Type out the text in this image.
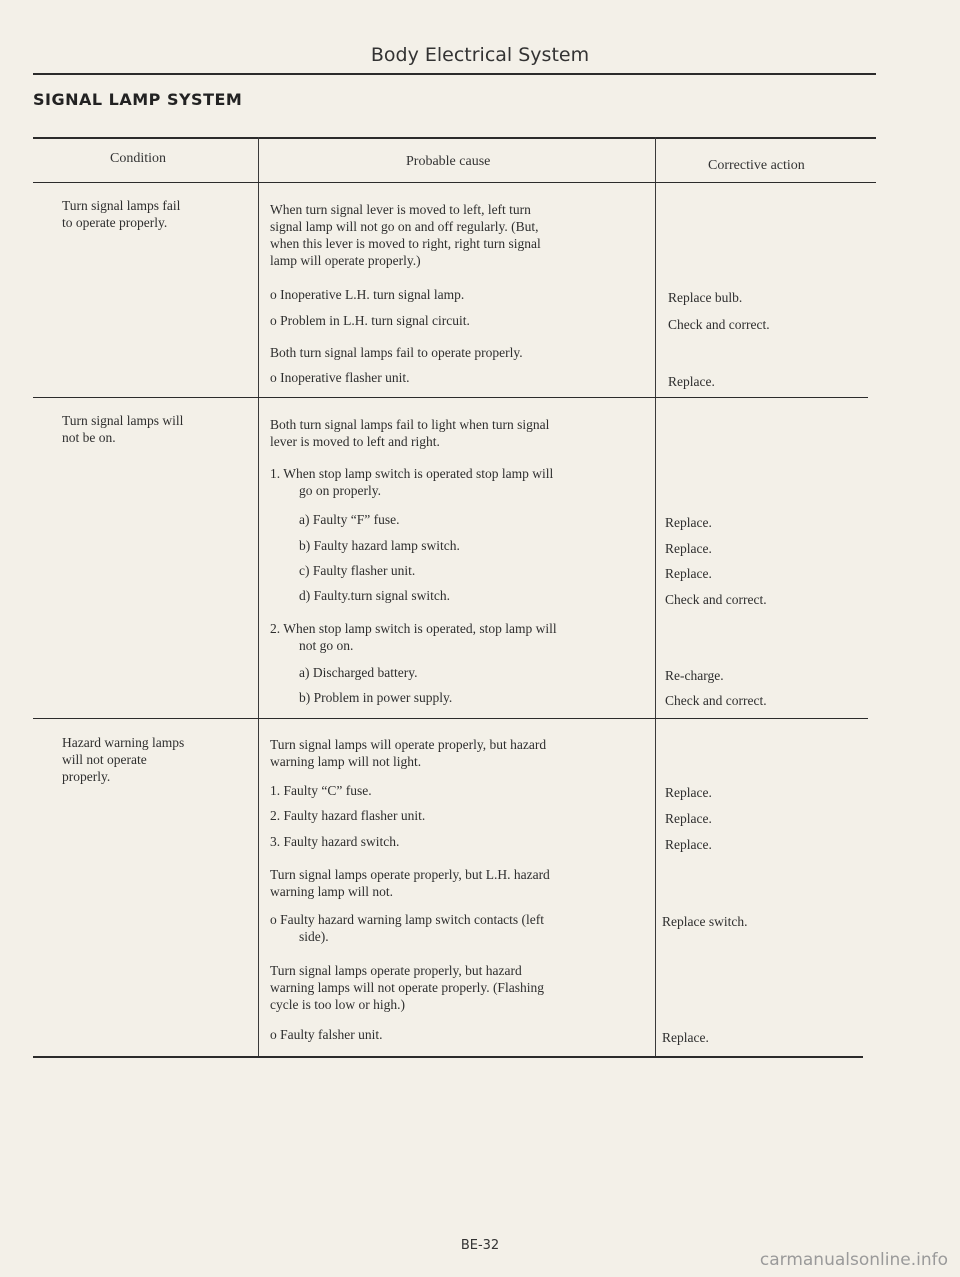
Body Electrical System
SIGNAL LAMP SYSTEM
Condition	Probable cause	Corrective action

Turn signal lamps fail

to operate properly.

When turn signal lever is moved to left, left turn

signal lamp will not go on and off regularly. (But,

when this lever is moved to right, right turn signal

lamp will operate properly.)

o Inoperative L.H. turn signal lamp.
o Problem in L.H. turn signal circuit.
Both turn signal lamps fail to operate properly.
o Inoperative flasher unit.
Replace bulb.
Check and correct.
Replace.

Turn signal lamps will

not be on.

Both turn signal lamps fail to light when turn signal

lever is moved to left and right.

1. When stop lamp switch is operated stop lamp will

go on properly.

a) Faulty “F” fuse.
b) Faulty hazard lamp switch.
c) Faulty flasher unit.
d) Faulty.turn signal switch.

2. When stop lamp switch is operated, stop lamp will

not go on.

a) Discharged battery.
b) Problem in power supply.
Replace.
Replace.
Replace.
Check and correct.
Re-charge.
Check and correct.

Hazard warning lamps

will not operate

properly.

Turn signal lamps will operate properly, but hazard

warning lamp will not light.

1. Faulty “C” fuse.
2. Faulty hazard flasher unit.
3. Faulty hazard switch.

Turn signal lamps operate properly, but L.H. hazard

warning lamp will not.

o Faulty hazard warning lamp switch contacts (left

side).

Turn signal lamps operate properly, but hazard

warning lamps will not operate properly. (Flashing

cycle is too low or high.)

o Faulty falsher unit.
Replace.
Replace.
Replace.
Replace switch.
Replace.
BE-32
carmanualsonline.info
